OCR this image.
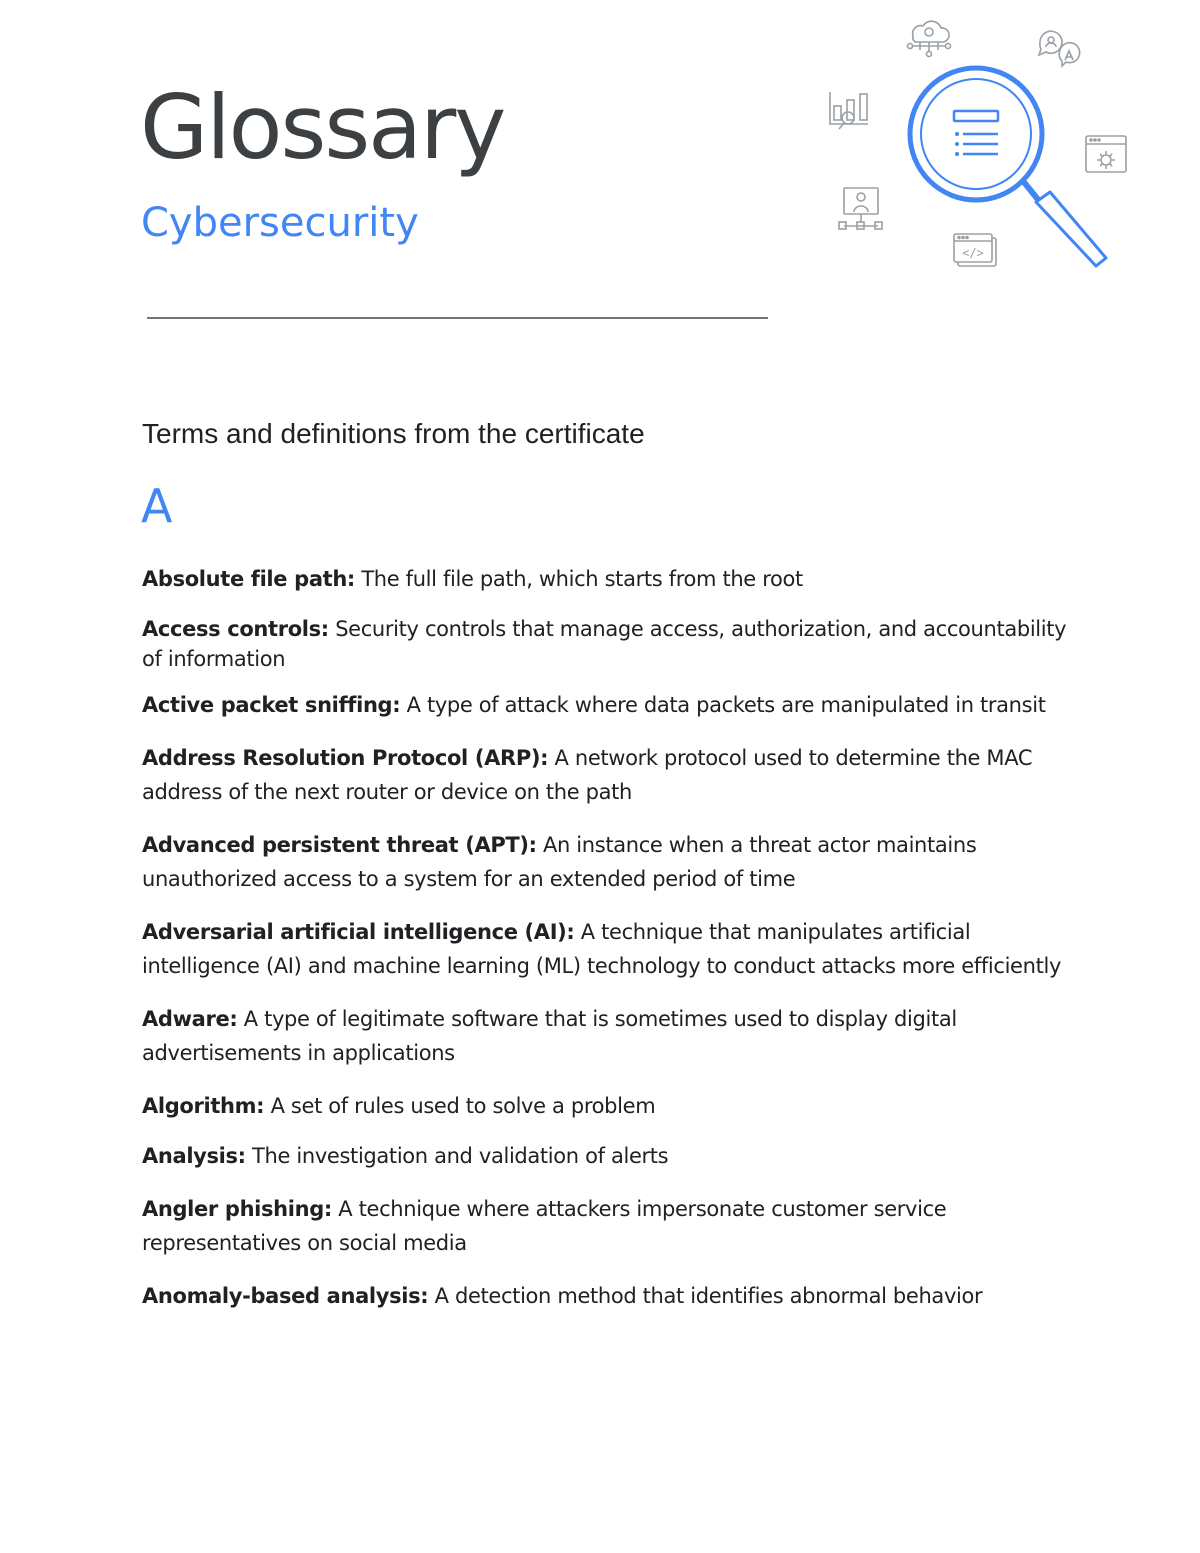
Glossary
Cybersecurity
</>
Terms and definitions from the certificate
A

Absolute file path: The full file path, which starts from the root

Access controls: Security controls that manage access, authorization, and accountability of information

Active packet sniffing: A type of attack where data packets are manipulated in transit

Address Resolution Protocol (ARP): A network protocol used to determine the MAC address of the next router or device on the path

Advanced persistent threat (APT): An instance when a threat actor maintains unauthorized access to a system for an extended period of time

Adversarial artificial intelligence (AI): A technique that manipulates artificial intelligence (AI) and machine learning (ML) technology to conduct attacks more efficiently

Adware: A type of legitimate software that is sometimes used to display digital advertisements in applications

Algorithm: A set of rules used to solve a problem

Analysis: The investigation and validation of alerts

Angler phishing: A technique where attackers impersonate customer service representatives on social media

Anomaly-based analysis: A detection method that identifies abnormal behavior
